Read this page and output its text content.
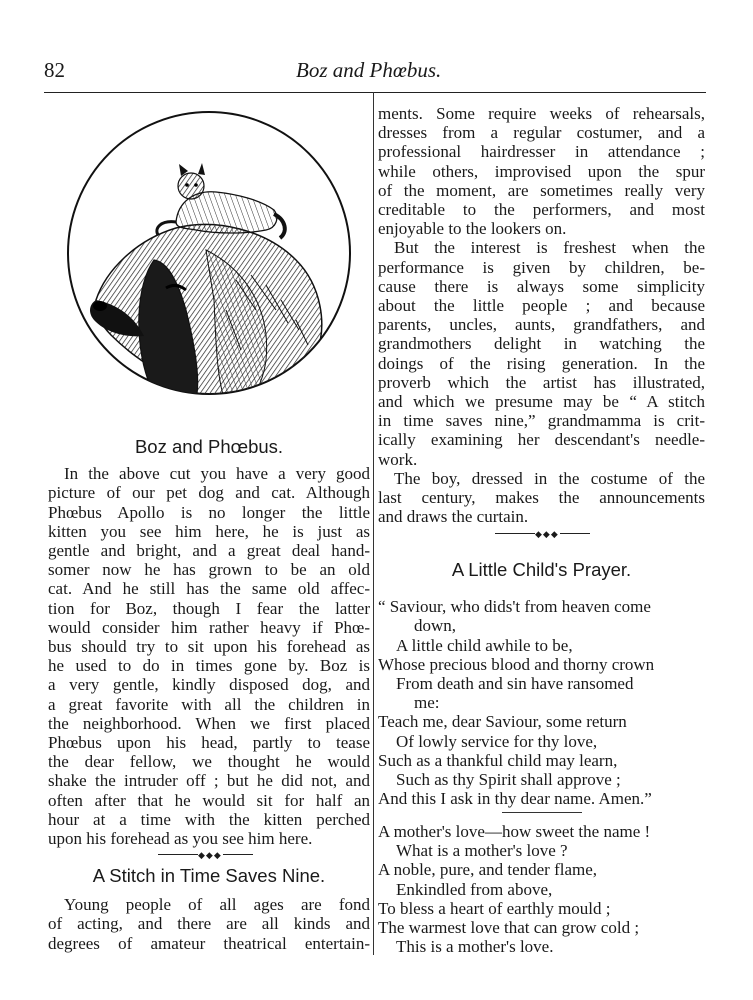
82	Boz and Phœbus.

Boz and Phœbus.

In the above cut you have a very good

picture of our pet dog and cat. Although

Phœbus Apollo is no longer the little

kitten you see him here, he is just as

gentle and bright, and a great deal hand-

somer now he has grown to be an old

cat. And he still has the same old affec-

tion for Boz, though I fear the latter

would consider him rather heavy if Phœ-

bus should try to sit upon his forehead as

he used to do in times gone by. Boz is

a very gentle, kindly disposed dog, and

a great favorite with all the children in

the neighborhood. When we first placed

Phœbus upon his head, partly to tease

the dear fellow, we thought he would

shake the intruder off ; but he did not, and

often after that he would sit for half an

hour at a time with the kitten perched

upon his forehead as you see him here.

◆◆◆

A Stitch in Time Saves Nine.

Young people of all ages are fond

of acting, and there are all kinds and

degrees of amateur theatrical entertain-

ments. Some require weeks of rehearsals,

dresses from a regular costumer, and a

professional hairdresser in attendance ;

while others, improvised upon the spur

of the moment, are sometimes really very

creditable to the performers, and most

enjoyable to the lookers on.

But the interest is freshest when the

performance is given by children, be-

cause there is always some simplicity

about the little people ; and because

parents, uncles, aunts, grandfathers, and

grandmothers delight in watching the

doings of the rising generation. In the

proverb which the artist has illustrated,

and which we presume may be “ A stitch

in time saves nine,” grandmamma is crit-

ically examining her descendant's needle-

work.

The boy, dressed in the costume of the

last century, makes the announcements

and draws the curtain.

◆◆◆

A Little Child's Prayer.

“ Saviour, who dids't from heaven come

down,

A little child awhile to be,

Whose precious blood and thorny crown

From death and sin have ransomed

me:

Teach me, dear Saviour, some return

Of lowly service for thy love,

Such as a thankful child may learn,

Such as thy Spirit shall approve ;

And this I ask in thy dear name. Amen.”

A mother's love—how sweet the name !

What is a mother's love ?

A noble, pure, and tender flame,

Enkindled from above,

To bless a heart of earthly mould ;

The warmest love that can grow cold ;

This is a mother's love.
